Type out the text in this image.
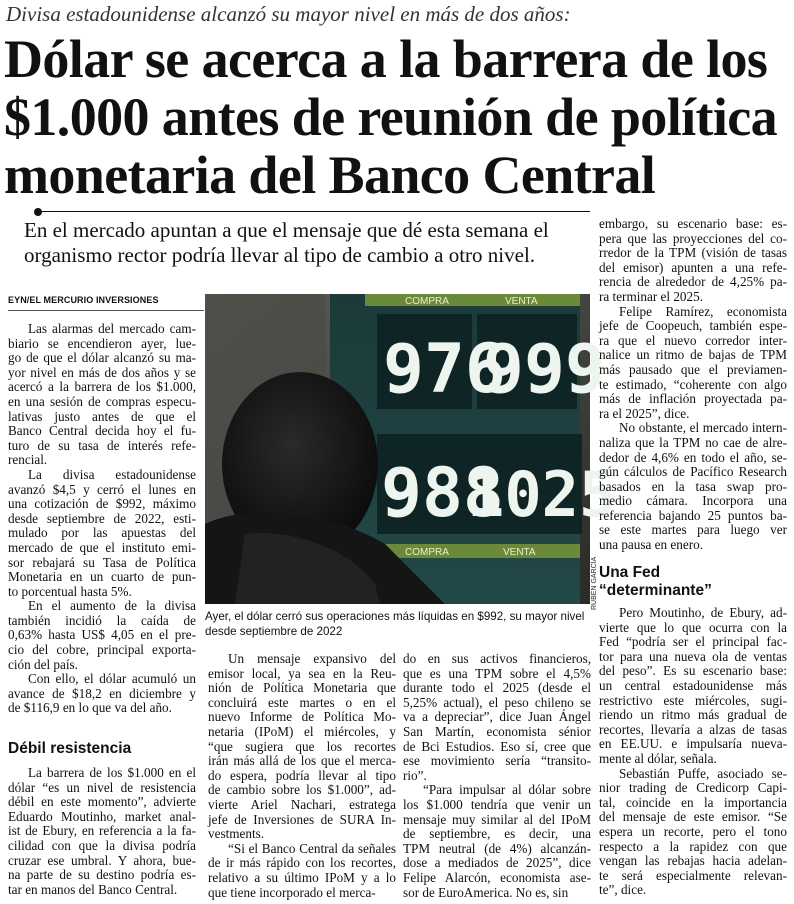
Divisa estadounidense alcanzó su mayor nivel en más de dos años:
Dólar se acerca a la barrera de los
$1.000 antes de reunión de política
monetaria del Banco Central
En el mercado apuntan a que el mensaje que dé esta semana el
organismo rector podría llevar al tipo de cambio a otro nivel.
EYN/EL MERCURIO INVERSIONES

Las alarmas del mercado cam-
biario se encendieron ayer, lue-
go de que el dólar alcanzó su ma-
yor nivel en más de dos años y se
acercó a la barrera de los $1.000,
en una sesión de compras especu-
lativas justo antes de que el
Banco Central decida hoy el fu-
turo de su tasa de interés refe-
rencial.

La divisa estadounidense
avanzó $4,5 y cerró el lunes en
una cotización de $992, máximo
desde septiembre de 2022, esti-
mulado por las apuestas del
mercado de que el instituto emi-
sor rebajará su Tasa de Política
Monetaria en un cuarto de pun-
to porcentual hasta 5%.

En el aumento de la divisa
también incidió la caída de
0,63% hasta US$ 4,05 en el pre-
cio del cobre, principal exporta-
ción del país.

Con ello, el dólar acumuló un
avance de $18,2 en diciembre y
de $116,9 en lo que va del año.

Débil resistencia

La barrera de los $1.000 en el
dólar “es un nivel de resistencia
débil en este momento”, advierte
Eduardo Moutinho, market anal-
ist de Ebury, en referencia a la fa-
cilidad con que la divisa podría
cruzar ese umbral. Y ahora, bue-
na parte de su destino podría es-
tar en manos del Banco Central.

COMPRA	VENTA
976
999
988
1025
COMPRA	VENTA
RUBÉN GARCÍA
Ayer, el dólar cerró sus operaciones más líquidas en $992, su mayor nivel
desde septiembre de 2022

Un mensaje expansivo del
emisor local, ya sea en la Reu-
nión de Política Monetaria que
concluirá este martes o en el
nuevo Informe de Política Mo-
netaria (IPoM) el miércoles, y
“que sugiera que los recortes
irán más allá de los que el merca-
do espera, podría llevar al tipo
de cambio sobre los $1.000”, ad-
vierte Ariel Nachari, estratega
jefe de Inversiones de SURA In-
vestments.

“Si el Banco Central da señales
de ir más rápido con los recortes,
relativo a su último IPoM y a lo
que tiene incorporado el merca-

do en sus activos financieros,
que es una TPM sobre el 4,5%
durante todo el 2025 (desde el
5,25% actual), el peso chileno se
va a depreciar”, dice Juan Ángel
San Martín, economista sénior
de Bci Estudios. Eso sí, cree que
ese movimiento sería “transito-
rio”.

“Para impulsar al dólar sobre
los $1.000 tendría que venir un
mensaje muy similar al del IPoM
de septiembre, es decir, una
TPM neutral (de 4%) alcanzán-
dose a mediados de 2025”, dice
Felipe Alarcón, economista ase-
sor de EuroAmerica. No es, sin

embargo, su escenario base: es-
pera que las proyecciones del co-
rredor de la TPM (visión de tasas
del emisor) apunten a una refe-
rencia de alrededor de 4,25% pa-
ra terminar el 2025.

Felipe Ramírez, economista
jefe de Coopeuch, también espe-
ra que el nuevo corredor inter-
nalice un ritmo de bajas de TPM
más pausado que el previamen-
te estimado, “coherente con algo
más de inflación proyectada pa-
ra el 2025”, dice.

No obstante, el mercado intern-
naliza que la TPM no cae de alre-
dedor de 4,6% en todo el año, se-
gún cálculos de Pacífico Research
basados en la tasa swap pro-
medio cámara. Incorpora una
referencia bajando 25 puntos ba-
se este martes para luego ver
una pausa en enero.

Una Fed
“determinante”

Pero Moutinho, de Ebury, ad-
vierte que lo que ocurra con la
Fed “podría ser el principal fac-
tor para una nueva ola de ventas
del peso”. Es su escenario base:
un central estadounidense más
restrictivo este miércoles, sugi-
riendo un ritmo más gradual de
recortes, llevaría a alzas de tasas
en EE.UU. e impulsaría nueva-
mente al dólar, señala.

Sebastián Puffe, asociado se-
nior trading de Credicorp Capi-
tal, coincide en la importancia
del mensaje de este emisor. “Se
espera un recorte, pero el tono
respecto a la rapidez con que
vengan las rebajas hacia adelan-
te será especialmente relevan-
te”, dice.
